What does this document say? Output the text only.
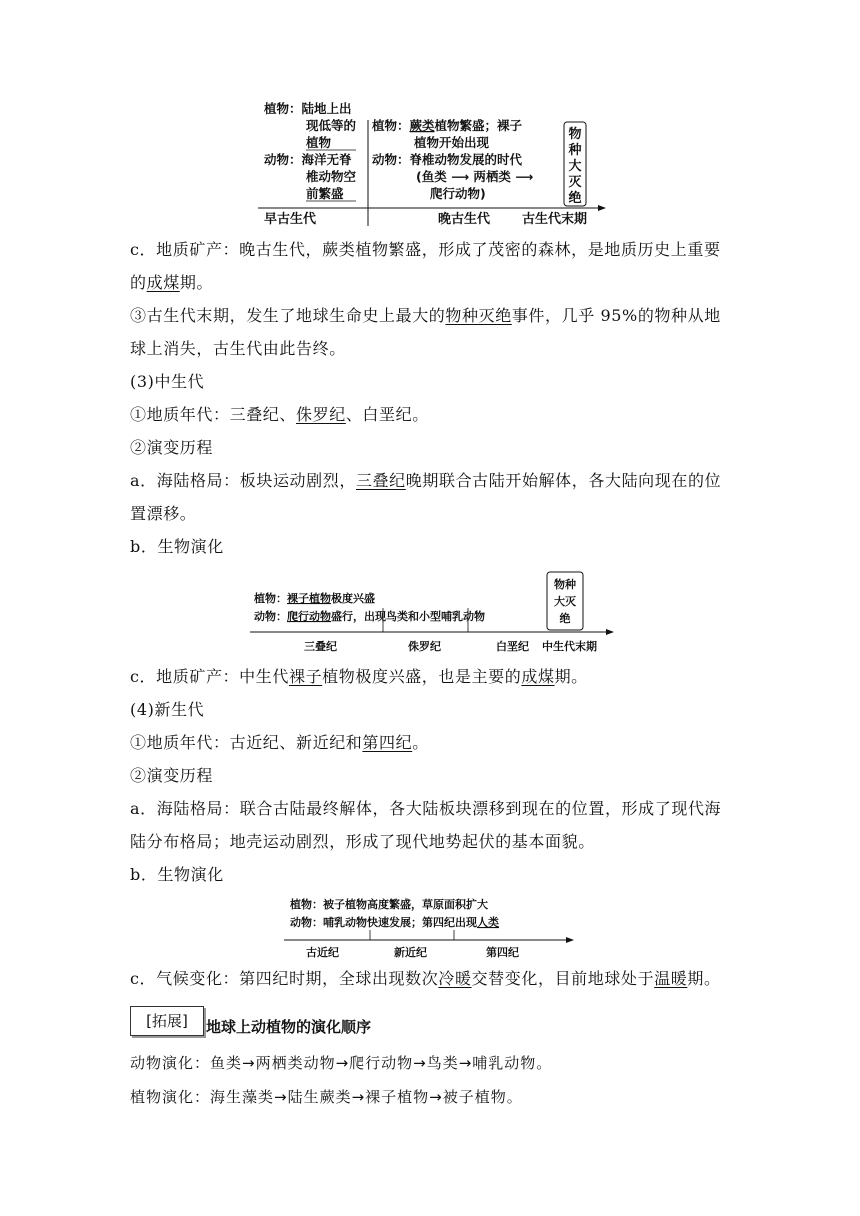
植物：陆地上出
现低等的
植物
动物：海洋无脊
椎动物空
前繁盛
植物：蕨类植物繁盛；裸子
植物开始出现
动物：脊椎动物发展的时代
(鱼类 ⟶ 两栖类 ⟶
爬行动物)
物
种
大
灭
绝
早古生代	晚古生代 古生代末期
c．地质矿产：晚古生代，蕨类植物繁盛，形成了茂密的森林，是地质历史上重要的成煤期。
③古生代末期，发生了地球生命史上最大的物种灭绝事件，几乎 95%的物种从地球上消失，古生代由此告终。
(3)中生代
①地质年代：三叠纪、侏罗纪、白垩纪。
②演变历程
a．海陆格局：板块运动剧烈，三叠纪晚期联合古陆开始解体，各大陆向现在的位置漂移。
b．生物演化
植物：裸子植物极度兴盛
动物：爬行动物盛行，出现鸟类和小型哺乳动物
物种
大灭
绝
三叠纪	侏罗纪	白垩纪 中生代末期
c．地质矿产：中生代裸子植物极度兴盛，也是主要的成煤期。
(4)新生代
①地质年代：古近纪、新近纪和第四纪。
②演变历程
a．海陆格局：联合古陆最终解体，各大陆板块漂移到现在的位置，形成了现代海陆分布格局；地壳运动剧烈，形成了现代地势起伏的基本面貌。
b．生物演化
植物：被子植物高度繁盛，草原面积扩大
动物：哺乳动物快速发展；第四纪出现人类
古近纪	新近纪	第四纪
c．气候变化：第四纪时期，全球出现数次冷暖交替变化，目前地球处于温暖期。
[拓展]	地球上动植物的演化顺序
动物演化：鱼类→两栖类动物→爬行动物→鸟类→哺乳动物。
植物演化：海生藻类→陆生蕨类→裸子植物→被子植物。
